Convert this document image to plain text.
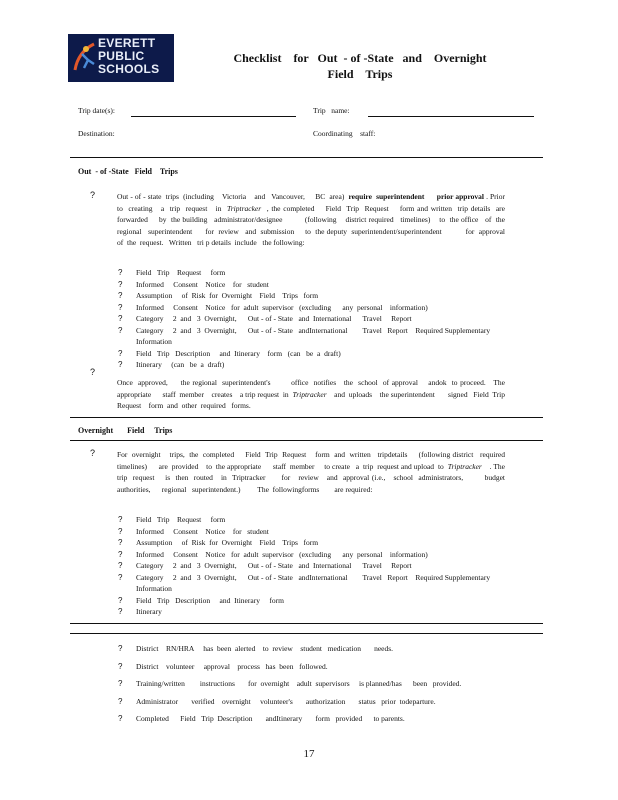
EVERETT
PUBLIC
SCHOOLS
Checklist    for   Out  - of -State   and    Overnight
Field    Trips
Trip date(s):	Trip   name:
Destination:	Coordinating    staff:
Out  - of -State   Field    Trips
?	Out - of - state  trips  (including    Victoria    and   Vancouver,     BC  area)  require  superintendent      prior approval . Prior  to  creating   a  trip  request   in  Triptracker  , the completed    Field  Trip  Request    form and written  trip details  are  forwarded     by  the building   administrator/designee          (following    district required   timelines)    to  the office   of  the regional   superintendent      for  review   and  submission     to  the deputy  superintendent/superintendent           for  approval   of  the  request.   Written   tri p details  include   the following:
? Field   Trip    Request     form
? Informed     Consent    Notice    for   student
? Assumption     of  Risk  for  Overnight    Field    Trips   form
? Informed     Consent    Notice   for  adult  supervisor   (excluding      any  personal    information)
? Category     2  and   3  Overnight,      Out - of - State   and  International      Travel     Report
? Category     2  and   3  Overnight,      Out - of - State   andInternational        Travel   Report    Required Supplementary        Information
? Field   Trip   Description     and  Itinerary    form   (can   be  a  draft)
? Itinerary     (can   be  a  draft)
?
Once  approved,     the regional  superintendent's        office  notifies   the  school  of approval    andok  to proceed.   The  appropriate      staff  member    creates    a trip request  in  Triptracker    and  uploads    the superintendent       signed   Field  Trip  Request    form  and  other  required   forms.
Overnight       Field     Trips
?	For  overnight    trips,  the  completed     Field  Trip  Request    form  and  written   tripdetails     (following district   required   timelines)      are  provided    to  the appropriate      staff  member     to create   a  trip  request and upload  to  Triptracker    . The  trip  request    is  then  routed   in  Triptracker      for   review   and  approval (i.e.,   school  administrators,        budget  authorities,      regional   superintendent.)         The  followingforms        are required:
? Field   Trip    Request     form
? Informed     Consent    Notice    for   student
? Assumption     of  Risk  for  Overnight    Field    Trips   form
? Informed     Consent    Notice   for  adult  supervisor   (excluding      any  personal    information)
? Category     2  and   3  Overnight,      Out - of - State   and  International      Travel     Report
? Category     2  and   3  Overnight,      Out - of - State   andInternational        Travel   Report    Required Supplementary        Information
? Field   Trip   Description     and  Itinerary     form
? Itinerary
? District    RN/HRA     has  been  alerted    to  review    student   medication       needs.
? District    volunteer     approval    process   has  been   followed.
? Training/written        instructions       for  overnight    adult  supervisors     is planned/has      been   provided.
? Administrator       verified    overnight     volunteer's       authorization       status   prior  todeparture.
? Completed      Field   Trip  Description       andItinerary       form   provided      to parents.
17
